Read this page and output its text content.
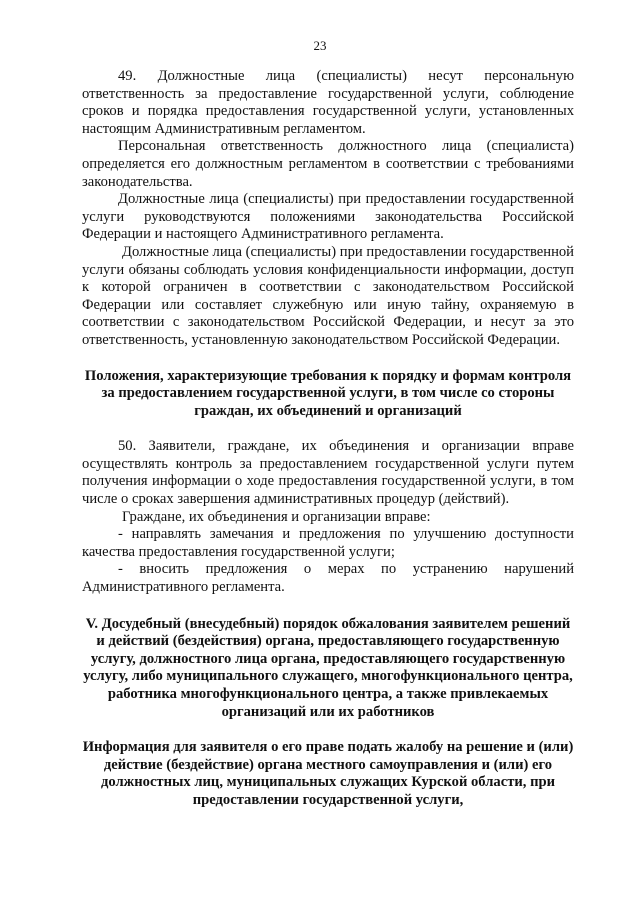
23

49. Должностные лица (специалисты) несут персональную ответственность за предоставление государственной услуги, соблюдение сроков и порядка предоставления государственной услуги, установленных настоящим Административным регламентом.

Персональная ответственность должностного лица (специалиста) определяется его должностным регламентом в соответствии с требованиями законодательства.

Должностные лица (специалисты) при предоставлении государственной услуги руководствуются положениями законодательства Российской Федерации и настоящего Административного регламента.

Должностные лица (специалисты) при предоставлении государственной услуги обязаны соблюдать условия конфиденциальности информации, доступ к которой ограничен в соответствии с законодательством Российской Федерации или составляет служебную или иную тайну, охраняемую в соответствии с законодательством Российской Федерации, и несут за это ответственность, установленную законодательством Российской Федерации.

Положения, характеризующие требования к порядку и формам контроля за предоставлением государственной услуги, в том числе со стороны граждан, их объединений и организаций

50. Заявители, граждане, их объединения и организации вправе осуществлять контроль за предоставлением государственной услуги путем получения информации о ходе предоставления государственной услуги, в том числе о сроках завершения административных процедур (действий).

Граждане, их объединения и организации вправе:

- направлять замечания и предложения по улучшению доступности качества предоставления государственной услуги;

- вносить предложения о мерах по устранению нарушений Административного регламента.

V. Досудебный (внесудебный) порядок обжалования заявителем решений и действий (бездействия) органа, предоставляющего государственную услугу, должностного лица органа, предоставляющего государственную услугу, либо муниципального служащего, многофункционального центра, работника многофункционального центра, а также привлекаемых организаций или их работников
Информация для заявителя о его праве подать жалобу на решение и (или) действие (бездействие) органа местного самоуправления и (или) его должностных лиц, муниципальных служащих Курской области, при предоставлении государственной услуги,
